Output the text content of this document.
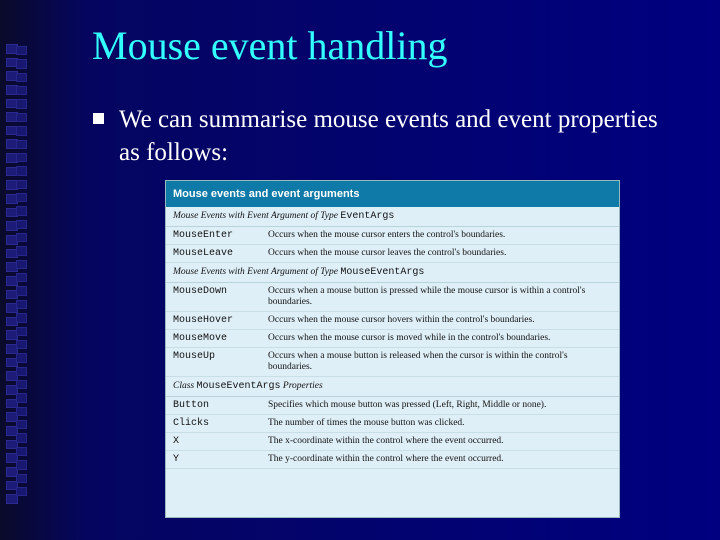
Mouse event handling

We can summarise mouse events and event properties as follows:

Mouse events and event arguments
Mouse Events with Event Argument of Type EventArgs
MouseEnter	Occurs when the mouse cursor enters the control's boundaries.
MouseLeave	Occurs when the mouse cursor leaves the control's boundaries.
Mouse Events with Event Argument of Type MouseEventArgs
MouseDown	Occurs when a mouse button is pressed while the mouse cursor is within a control's boundaries.
MouseHover	Occurs when the mouse cursor hovers within the control's boundaries.
MouseMove	Occurs when the mouse cursor is moved while in the control's boundaries.
MouseUp	Occurs when a mouse button is released when the cursor is within the control's boundaries.
Class MouseEventArgs Properties
Button	Specifies which mouse button was pressed (Left, Right, Middle or none).
Clicks	The number of times the mouse button was clicked.
X	The x-coordinate within the control where the event occurred.
Y	The y-coordinate within the control where the event occurred.
